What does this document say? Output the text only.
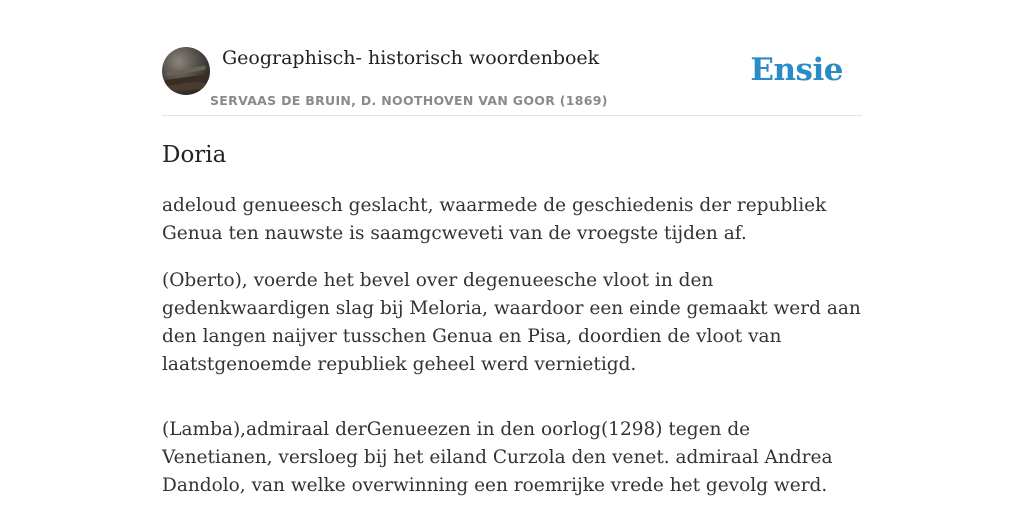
Geographisch- historisch woordenboek
SERVAAS DE BRUIN, D. NOOTHOVEN VAN GOOR (1869)
Ensie
Doria

adeloud genueesch geslacht, waarmede de geschiedenis der republiek Genua ten nauwste is saamgcweveti van de vroegste tijden af.

(Oberto), voerde het bevel over degenueesche vloot in den gedenkwaardigen slag bij Meloria, waardoor een einde gemaakt werd aan den langen naijver tusschen Genua en Pisa, doordien de vloot van laatstgenoemde republiek geheel werd vernietigd.

(Lamba),admiraal derGenueezen in den oorlog(1298) tegen de Venetianen, versloeg bij het eiland Curzola den venet. admiraal Andrea Dandolo, van welke overwinning een roemrijke vrede het gevolg werd.
